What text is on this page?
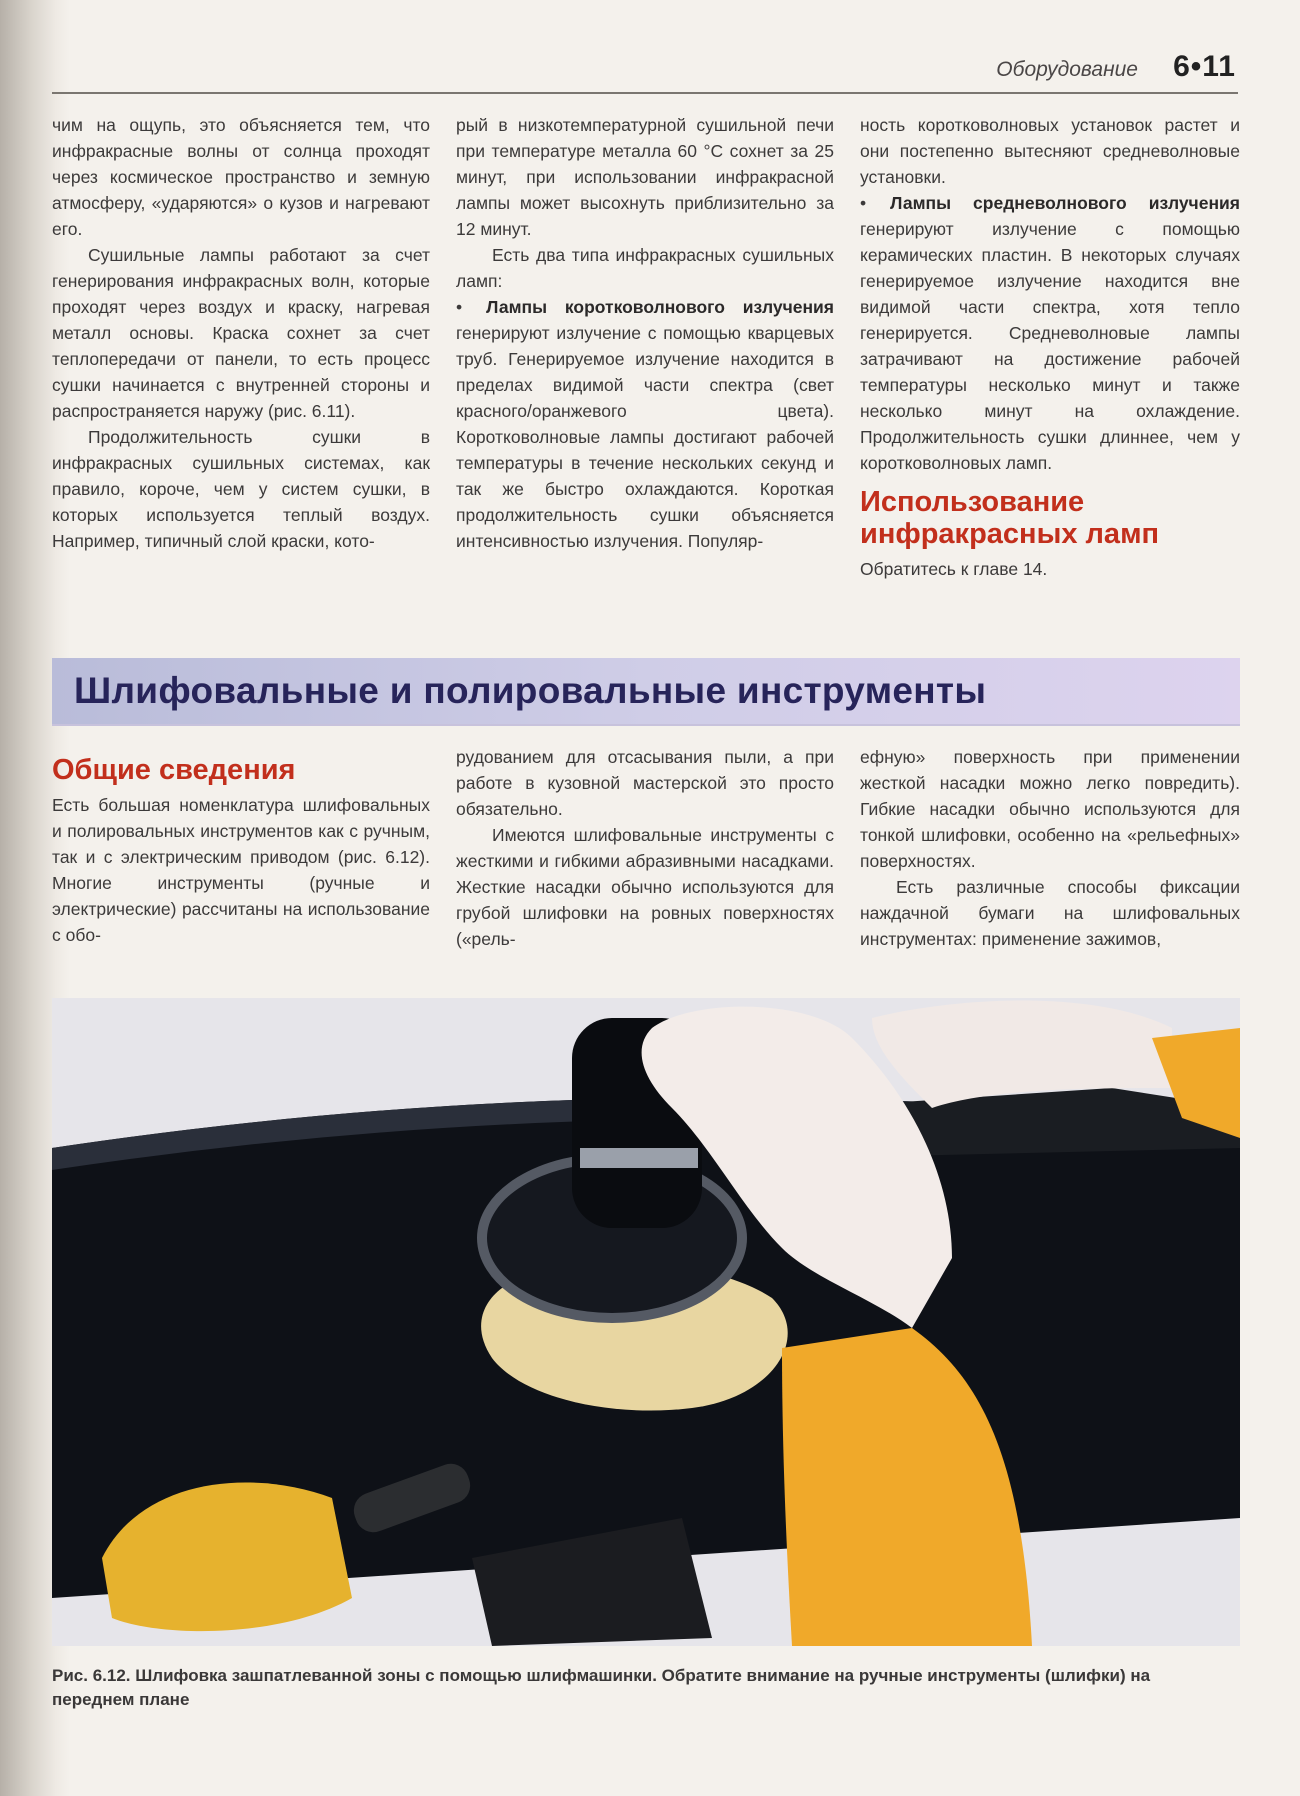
Оборудование 6•11

чим на ощупь, это объясняется тем, что инфракрасные волны от солнца проходят через космическое пространство и земную атмосферу, «ударяются» о кузов и нагревают его.

Сушильные лампы работают за счет генерирования инфракрасных волн, которые проходят через воздух и краску, нагревая металл основы. Краска сохнет за счет теплопередачи от панели, то есть процесс сушки начинается с внутренней стороны и распространяется наружу (рис. 6.11).

Продолжительность сушки в инфракрасных сушильных системах, как правило, короче, чем у систем сушки, в которых используется теплый воздух. Например, типичный слой краски, кото-

рый в низкотемпературной сушильной печи при температуре металла 60 °С сохнет за 25 минут, при использовании инфракрасной лампы может высохнуть приблизительно за 12 минут.

Есть два типа инфракрасных сушильных ламп:

• Лампы коротковолнового излучения генерируют излучение с помощью кварцевых труб. Генерируемое излучение находится в пределах видимой части спектра (свет красного/оранжевого цвета). Коротковолновые лампы достигают рабочей температуры в течение нескольких секунд и так же быстро охлаждаются. Короткая продолжительность сушки объясняется интенсивностью излучения. Популяр-

ность коротковолновых установок растет и они постепенно вытесняют средневолновые установки.

• Лампы средневолнового излучения генерируют излучение с помощью керамических пластин. В некоторых случаях генерируемое излучение находится вне видимой части спектра, хотя тепло генерируется. Средневолновые лампы затрачивают на достижение рабочей температуры несколько минут и также несколько минут на охлаждение. Продолжительность сушки длиннее, чем у коротковолновых ламп.

Использование инфракрасных ламп

Обратитесь к главе 14.

Шлифовальные и полировальные инструменты
Общие сведения

Есть большая номенклатура шлифовальных и полировальных инструментов как с ручным, так и с электрическим приводом (рис. 6.12). Многие инструменты (ручные и электрические) рассчитаны на использование с обо-

рудованием для отсасывания пыли, а при работе в кузовной мастерской это просто обязательно.

Имеются шлифовальные инструменты с жесткими и гибкими абразивными насадками. Жесткие насадки обычно используются для грубой шлифовки на ровных поверхностях («рель-

ефную» поверхность при применении жесткой насадки можно легко повредить). Гибкие насадки обычно используются для тонкой шлифовки, особенно на «рельефных» поверхностях.

Есть различные способы фиксации наждачной бумаги на шлифовальных инструментах: применение зажимов,

Рис. 6.12. Шлифовка зашпатлеванной зоны с помощью шлифмашинки. Обратите внимание на ручные инструменты (шлифки) на переднем плане
